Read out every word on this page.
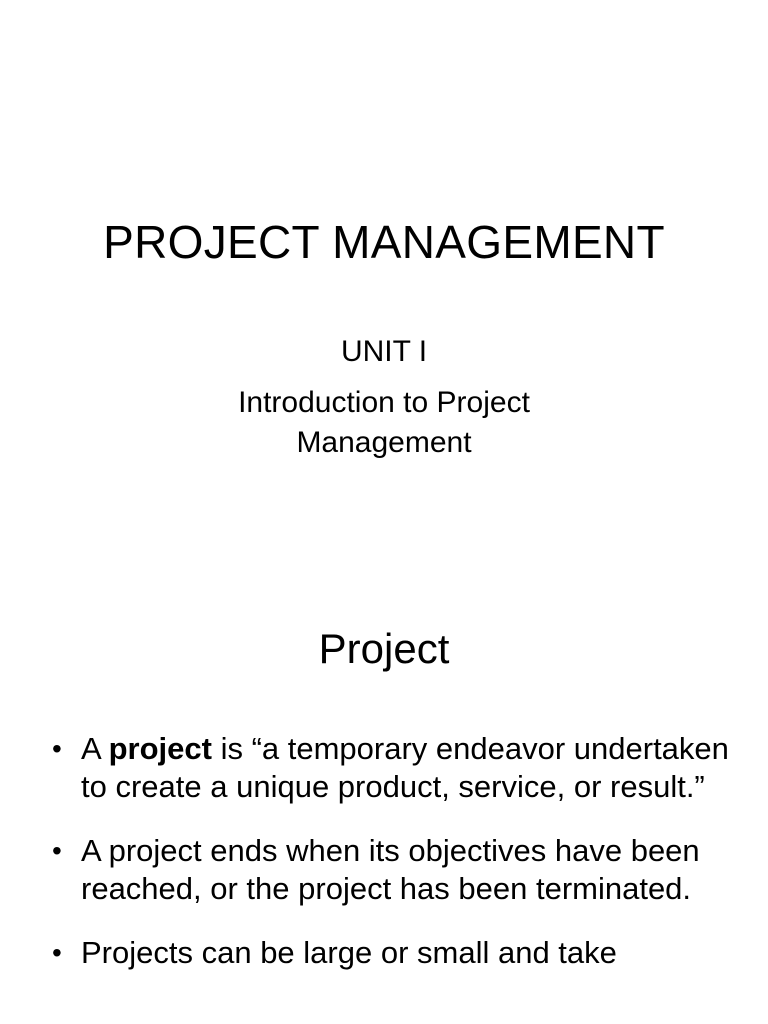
PROJECT MANAGEMENT
UNIT I
Introduction to Project Management
Project
• A project is “a temporary endeavor undertaken to create a unique product, service, or result.”
• A project ends when its objectives have been reached, or the project has been terminated.
• Projects can be large or small and take
